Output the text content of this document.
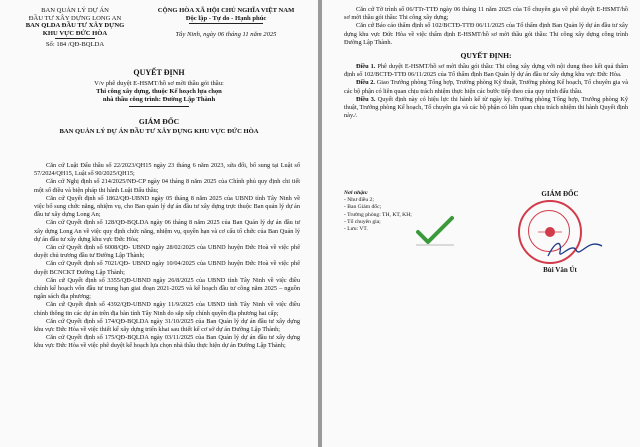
BAN QUẢN LÝ DỰ ÁN
ĐẦU TƯ XÂY DỰNG LONG AN
BAN QLDA ĐẦU TƯ XÂY DỰNG
KHU VỰC ĐỨC HÒA
Số: 184 /QĐ-BQLDA
CỘNG HÒA XÃ HỘI CHỦ NGHĨA VIỆT NAM
Độc lập - Tự do - Hạnh phúc
Tây Ninh, ngày 06 tháng 11 năm 2025
QUYẾT ĐỊNH
V/v phê duyệt E-HSMT/hồ sơ mời thầu gói thầu:
Thi công xây dựng, thuộc Kế hoạch lựa chọn
nhà thầu công trình: Đường Lập Thành
GIÁM ĐỐC
BAN QUẢN LÝ DỰ ÁN ĐẦU TƯ XÂY DỰNG KHU VỰC ĐỨC HÒA

Căn cứ Luật Đấu thầu số 22/2023/QH15 ngày 23 tháng 6 năm 2023, sửa đổi, bổ sung tại Luật số 57/2024/QH15, Luật số 90/2025/QH15;

Căn cứ Nghị định số 214/2025/NĐ-CP ngày 04 tháng 8 năm 2025 của Chính phủ quy định chi tiết một số điều và biện pháp thi hành Luật Đấu thầu;

Căn cứ Quyết định số 1862/QĐ-UBND ngày 05 tháng 8 năm 2025 của UBND tỉnh Tây Ninh về việc bổ sung chức năng, nhiệm vụ, cho Ban quản lý dự án đầu tư xây dựng trực thuộc Ban quản lý dự án đầu tư xây dựng Long An;

Căn cứ Quyết định số 128/QĐ-BQLDA ngày 06 tháng 8 năm 2025 của Ban Quản lý dự án đầu tư xây dựng Long An về việc quy định chức năng, nhiệm vụ, quyền hạn và cơ cấu tổ chức của Ban Quản lý dự án đầu tư xây dựng khu vực Đức Hòa;

Căn cứ Quyết định số 6008/QĐ- UBND ngày 28/02/2025 của UBND huyện Đức Hoà về việc phê duyệt chủ trương đầu tư Đường Lập Thành;

Căn cứ Quyết định số 7021/QĐ- UBND ngày 10/04/2025 của UBND huyện Đức Hoà về việc phê duyệt BCNCKT Đường Lập Thành;

Căn cứ Quyết định số 3355/QĐ-UBND ngày 26/8/2025 của UBND tỉnh Tây Ninh về việc điều chỉnh kế hoạch vốn đầu tư trung hạn giai đoạn 2021-2025 và kế hoạch đầu tư công năm 2025 – nguồn ngân sách địa phương;

Căn cứ Quyết định số 4392/QĐ-UBND ngày 11/9/2025 của UBND tỉnh Tây Ninh về việc điều chỉnh thông tin các dự án trên địa bàn tỉnh Tây Ninh do sắp xếp chính quyền địa phương hai cấp;

Căn cứ Quyết định số 174/QĐ-BQLDA ngày 31/10/2025 của Ban Quản lý dự án đầu tư xây dựng khu vực Đức Hòa về việc thiết kế xây dựng triển khai sau thiết kế cơ sở dự án Đường Lập Thành;

Căn cứ Quyết định số 175/QĐ-BQLDA ngày 03/11/2025 của Ban Quản lý dự án đầu tư xây dựng khu vực Đức Hòa về việc phê duyệt kế hoạch lựa chọn nhà thầu thực hiện dự án Đường Lập Thành;

Căn cứ Tờ trình số 06/TTr-TTĐ ngày 06 tháng 11 năm 2025 của Tổ chuyên gia về phê duyệt E-HSMT/hồ sơ mời thầu gói thầu: Thi công xây dựng;

Căn cứ Báo cáo thẩm định số 102/BCTĐ-TTĐ 06/11/2025 của Tổ thẩm định Ban Quản lý dự án đầu tư xây dựng khu vực Đức Hòa về việc thẩm định E-HSMT/hồ sơ mời thầu gói thầu: Thi công xây dựng công trình Đường Lập Thành.

QUYẾT ĐỊNH:

Điều 1. Phê duyệt E-HSMT/hồ sơ mời thầu gói thầu: Thi công xây dựng với nội dung theo kết quả thẩm định số 102/BCTĐ-TTĐ 06/11/2025 của Tổ thẩm định Ban Quản lý dự án đầu tư xây dựng khu vực Đức Hòa.

Điều 2. Giao Trưởng phòng Tổng hợp, Trưởng phòng Kỹ thuật, Trưởng phòng Kế hoạch, Tổ chuyên gia và các bộ phận có liên quan chịu trách nhiệm thực hiện các bước tiếp theo của quy trình đấu thầu.

Điều 3. Quyết định này có hiệu lực thi hành kể từ ngày ký. Trưởng phòng Tổng hợp, Trưởng phòng Kỹ thuật, Trưởng phòng Kế hoạch, Tổ chuyên gia và các bộ phận có liên quan chịu trách nhiệm thi hành Quyết định này./.

Nơi nhận:
- Như điều 2;
- Ban Giám đốc;
- Trường phòng: TH, KT, KH;
- Tổ chuyên gia;
- Lưu: VT.
GIÁM ĐỐC
Bùi Văn Út
